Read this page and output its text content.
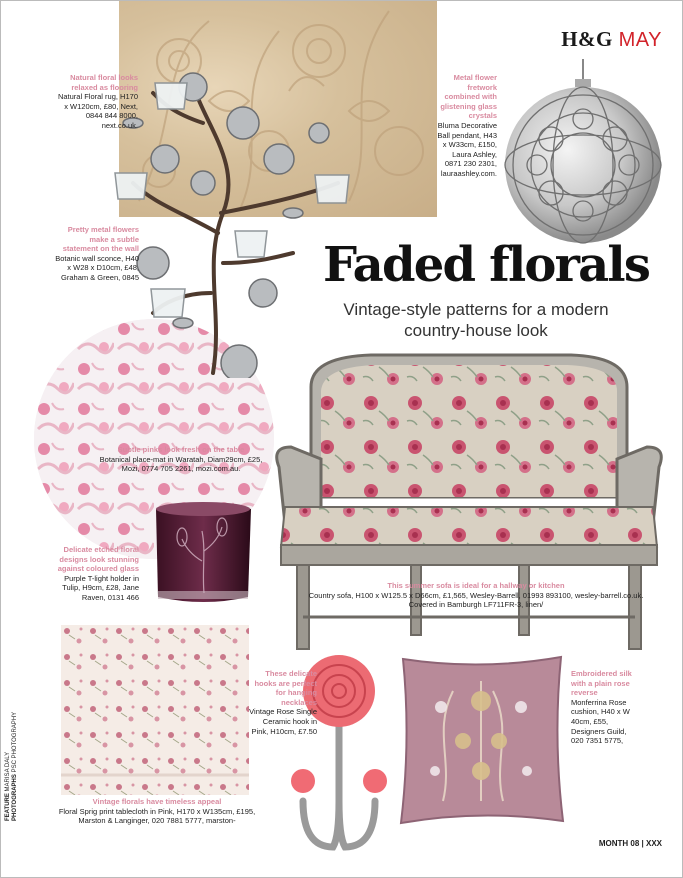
H&G MAY
Faded florals
Vintage-style patterns for a modern country-house look
Natural floral looks relaxed as flooring
Natural Floral rug, H170 x W120cm, £80, Next, 0844 844 8000, next.co.uk.
Metal flower fretwork combined with glistening glass crystals
Bluma Decorative Ball pendant, H43 x W33cm, £150, Laura Ashley, 0871 230 2301, lauraashley.com.
Pretty metal flowers make a subtle statement on the wall
Botanic wall sconce, H40 x W28 x D10cm, £48, Graham & Green, 0845
Subtle pinks look fresh on the table
Botanical place-mat in Waratah, Diam29cm, £25, Mozi, 0774 705 2261, mozi.com.au.
Delicate etched floral designs look stunning against coloured glass
Purple T-light holder in Tulip, H9cm, £28, Jane Raven, 0131 466
This summer sofa is ideal for a hallway or kitchen
Country sofa, H100 x W125.5 x D66cm, £1,565, Wesley-Barrell, 01993 893100, wesley-barrell.co.uk. Covered in Bamburgh LF711FR-3, linen/
These delicate hooks are perfect for hanging necklaces
Vintage Rose Single Ceramic hook in Pink, H10cm, £7.50
Embroidered silk with a plain rose reverse
Monferrina Rose cushion, H40 x W 40cm, £55, Designers Guild, 020 7351 5775,
Vintage florals have timeless appeal
Floral Sprig print tablecloth in Pink, H170 x W135cm, £195, Marston & Langinger, 020 7881 5777, marston-
FEATURE MARISA DALY
PHOTOGRAPHS PSC PHOTOGRAPHY
MONTH 08 | XXX
